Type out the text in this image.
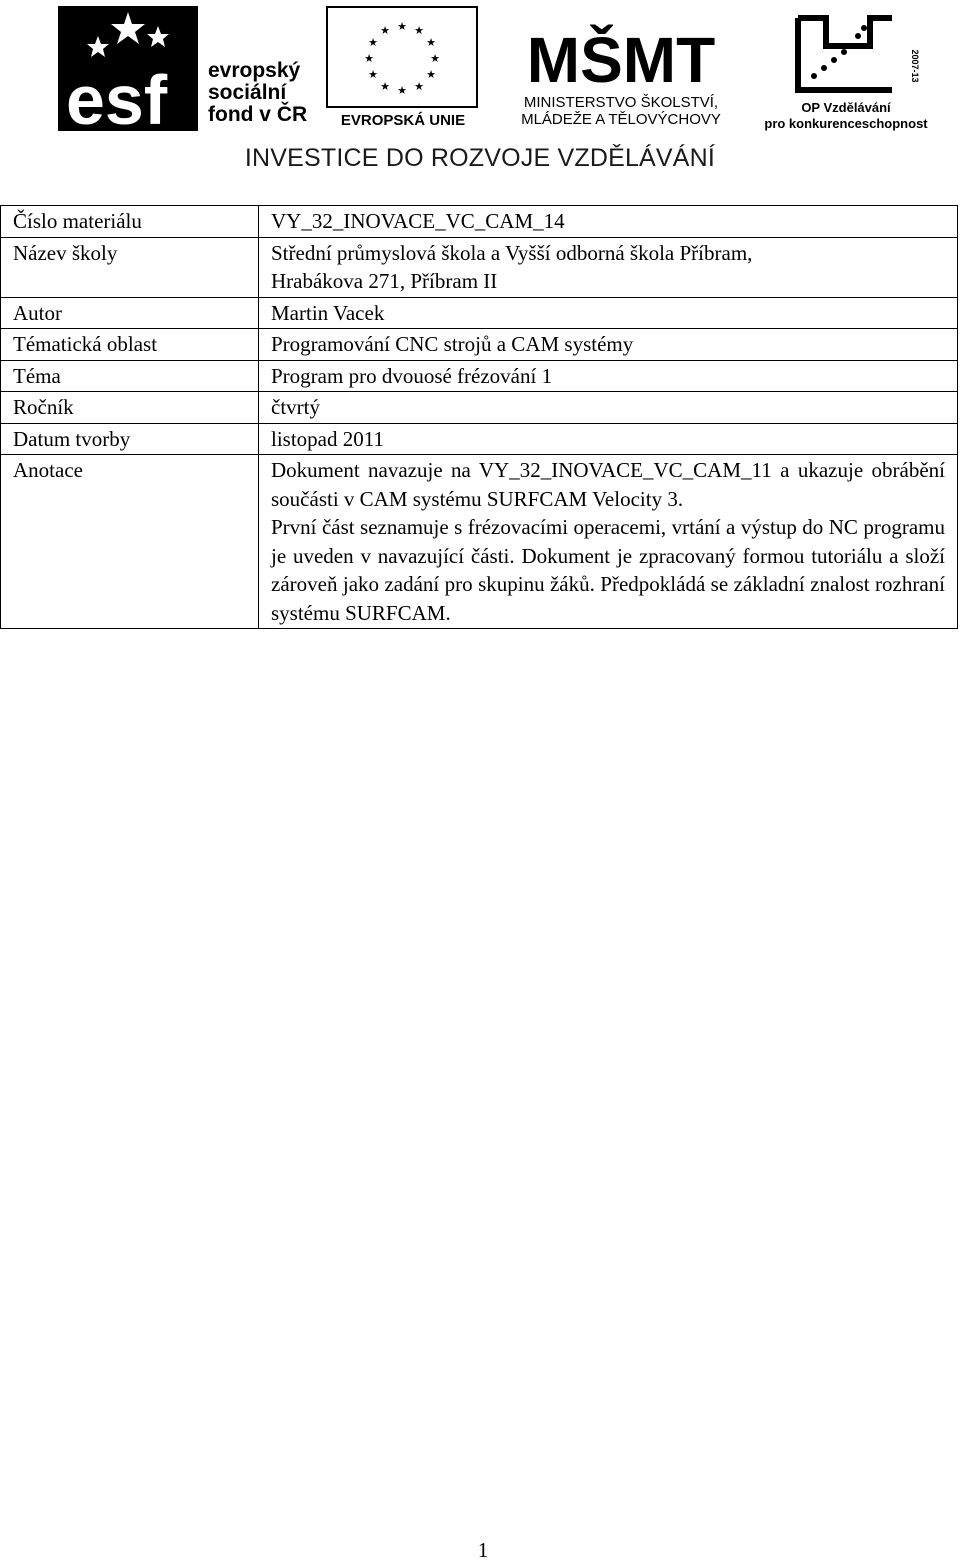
esf evropský
sociální
fond v ČR
★ ★
★
★
★
★
★
★
★
★
★
★
EVROPSKÁ UNIE
MŠMT
MINISTERSTVO ŠKOLSTVÍ,
MLÁDEŽE A TĚLOVÝCHOVY
2007-13
OP Vzdělávání
pro konkurenceschopnost
INVESTICE DO ROZVOJE VZDĚLÁVÁNÍ
Číslo materiálu	VY_32_INOVACE_VC_CAM_14
Název školy	Střední průmyslová škola a Vyšší odborná škola Příbram, Hrabákova 271, Příbram II
Autor	Martin Vacek
Tématická oblast	Programování CNC strojů a CAM systémy
Téma	Program pro dvouosé frézování 1
Ročník	čtvrtý
Datum tvorby	listopad 2011
Anotace	Dokument navazuje na VY_32_INOVACE_VC_CAM_11 a ukazuje obrábění součásti v CAM systému SURFCAM Velocity 3.

První část seznamuje s frézovacími operacemi, vrtání a výstup do NC programu je uveden v navazující části. Dokument je zpracovaný formou tutoriálu a složí zároveň jako zadání pro skupinu žáků. Předpokládá se základní znalost rozhraní systému SURFCAM.

1
